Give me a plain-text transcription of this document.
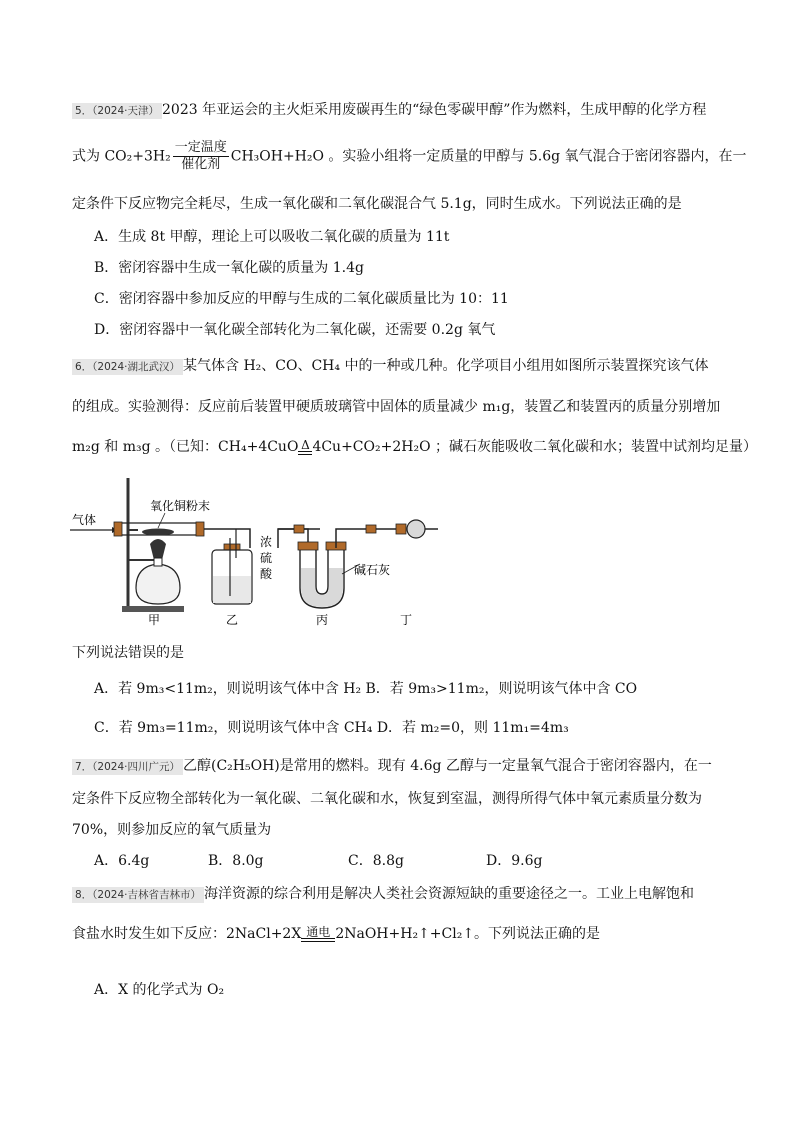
5．（2024·天津） 2023 年亚运会的主火炬采用废碳再生的“绿色零碳甲醇”作为燃料，生成甲醇的化学方程
式为 $CO_2+3H_2 \frac{\text{一定温度}}{\text{催化剂}} CH_3OH+H_2O$ 。实验小组将一定质量的甲醇与 5.6g 氧气混合于密闭容器内，在一
定条件下反应物完全耗尽，生成一氧化碳和二氧化碳混合气 5.1g，同时生成水。下列说法正确的是
A．生成 8t 甲醇，理论上可以吸收二氧化碳的质量为 11t
B．密闭容器中生成一氧化碳的质量为 1.4g
C．密闭容器中参加反应的甲醇与生成的二氧化碳质量比为 10：11
D．密闭容器中一氧化碳全部转化为二氧化碳，还需要 0.2g 氧气
6．（2024·湖北武汉） 某气体含 H₂、CO、CH₄ 中的一种或几种。化学项目小组用如图所示装置探究该气体
的组成。实验测得：反应前后装置甲硬质玻璃管中固体的质量减少 m₁g，装置乙和装置丙的质量分别增加
m₂g 和 m₃g 。（已知：CH₄+4CuO Δ 4Cu+CO₂+2H₂O ；碱石灰能吸收二氧化碳和水；装置中试剂均足量）
气体
氧化铜粉末
浓
硫
酸	碱石灰
甲	乙	丙	丁
下列说法错误的是
A．若 9m₃<11m₂，则说明该气体中含 H₂ B．若 9m₃>11m₂，则说明该气体中含 CO
C．若 9m₃=11m₂，则说明该气体中含 CH₄ D．若 m₂=0，则 11m₁=4m₃
7．（2024·四川广元） 乙醇(C₂H₅OH)是常用的燃料。现有 4.6g 乙醇与一定量氧气混合于密闭容器内，在一
定条件下反应物全部转化为一氧化碳、二氧化碳和水，恢复到室温，测得所得气体中氧元素质量分数为
70%，则参加反应的氧气质量为
A．6.4g	B．8.0g	C．8.8g	D．9.6g
8．（2024·吉林省吉林市） 海洋资源的综合利用是解决人类社会资源短缺的重要途径之一。工业上电解饱和
食盐水时发生如下反应：2NaCl+2X 通电 2NaOH+H₂↑+Cl₂↑。下列说法正确的是
A．X 的化学式为 O₂
